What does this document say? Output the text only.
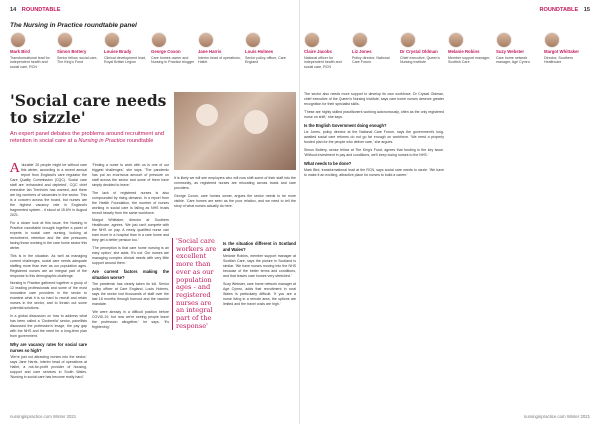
14 ROUNDTABLE
The Nursing in Practice roundtable panel
Mark Bird
Transformational lead for independent health and social care, RCN
Simon Bottery
Senior fellow, social care, The King's Fund
Louise Brady
Clinical development lead, Royal British Legion
George Coxon
Care homes owner and Nursing in Practice blogger
Jane Harris
Interim head of operations, Hallet
Louis Holmes
Senior policy officer, Care England
'Social care needs to sizzle'
An expert panel debates the problems around recruitment and retention in social care at a Nursing in Practice roundtable

A 'durable' 20 people might be without care this winter, according to a recent annual report from England's care regulator the Care Quality Commission (CQC). Social care staff are 'exhausted and depleted', CQC chief executive Ian Trenholm has warned, and there are big numbers of vacancies in the sector. This is a concern across the board, but nurses are the highest vacancy rate in England's fragmented system - it stood at 15.6% in August 2021.

For a closer look at this issue, the Nursing in Practice roundtable brought together a panel of experts in social care nursing, looking at recruitment, retention and the dire pressures facing those working in the care home sector this winter.

This is in the situation. As well as managing current challenges, social care needs adequate staffing more than ever as our population ages. Registered nurses are an integral part of the response to this demographic challenge.

Nursing in Practice gathered together a group of 12 leading professionals and some of the most innovative care providers in the sector to examine what it is so hard to recruit and retain nurses in the sector, and to thrash out some potential solutions.

In a global discussion on how to address what has been called a 'Cinderella' sector, panellists discussed the profession's image, the pay gap with the NHS and the need for a long-term plan from government.

Why are vacancy rates for social care nurses so high?

'We're just not attracting nurses into the sector,' says Jane Harris, interim head of operations at Hallet, a not-for-profit provider of housing, support and care services in South Wales. 'Nursing in social care has become really hard.'

'Finding a nurse to work with us is one of our biggest challenges,' she says. 'The pandemic has put an enormous amount of pressure on staff across the sector and some of them have simply decided to leave.'

The lack of registered nurses is also compounded by rising demand. In a report from the Health Foundation, the number of nurses working in social care is falling as NHS trusts recruit heavily from the same workforce.

Margot Whittaker, director at Southern Healthcare, agrees. 'We just can't compete with the NHS on pay. A newly qualified nurse can earn more in a hospital than in a care home and they get a better pension too.'

'The perception is that care home nursing is an easy option,' she adds. 'It's not. Our nurses are managing complex clinical needs with very little support around them.'

Are current factors making the situation worse?

The pandemic has clearly taken its toll. Senior policy officer at Care England, Louis Holmes, says the sector lost thousands of staff over the last 18 months through burnout and the vaccine mandate.

'We were already in a difficult position before COVID-19, but now we're seeing people leave the profession altogether,' he says. 'It's frightening.'

It is likely we will see employers who will now shift some of their staff into the community, as registered nurses are relocating across trusts and care providers.

George Coxon, care homes owner, argues the sector needs to be more visible. 'Care homes are seen as the poor relation, and we need to tell the story of what nurses actually do here.'

'Social care workers are excellent more than ever as our population ages - and registered nurses are an integral part of the response'
Is the situation different in Scotland and Wales?

Melanie Robins, member support manager at Scottish Care, says the picture in Scotland is similar. 'We have nurses moving into the NHS because of the better terms and conditions, and that leaves care homes very stretched.'

Suzy Webster, care home network manager at Age Cymru, adds that recruitment in rural Wales is particularly difficult. 'If you are a nurse living in a remote area, the options are limited and the travel costs are high.'

nursinginpractice.com Winter 2021
ROUNDTABLE 15
Claire Jacobs
National officer for independent health and social care, RCN
Liz Jones
Policy director, National Care Forum
Dr Crystal Oldman
Chief executive, Queen's Nursing Institute
Melanie Robins
Member support manager, Scottish Care
Suzy Webster
Care home network manager, Age Cymru
Margot Whittaker
Director, Southern Healthcare

The sector also needs more support to develop its own workforce. Dr Crystal Oldman, chief executive of the Queen's Nursing Institute, says care home nurses deserve greater recognition for their specialist skills.

'These are highly skilled practitioners working autonomously, often as the only registered nurse on shift,' she says.

Is the English Government doing enough?

Liz Jones, policy director at the National Care Forum, says the government's long-awaited social care reforms do not go far enough on workforce. 'We need a properly funded plan for the people who deliver care,' she argues.

Simon Bottery, senior fellow at The King's Fund, agrees that funding is the key issue. 'Without investment in pay and conditions, we'll keep losing nurses to the NHS.'

What needs to be done?

Mark Bird, transformational lead at the RCN, says social care needs to sizzle. 'We have to make it an exciting, attractive place for nurses to build a career.'

nursinginpractice.com Winter 2021
